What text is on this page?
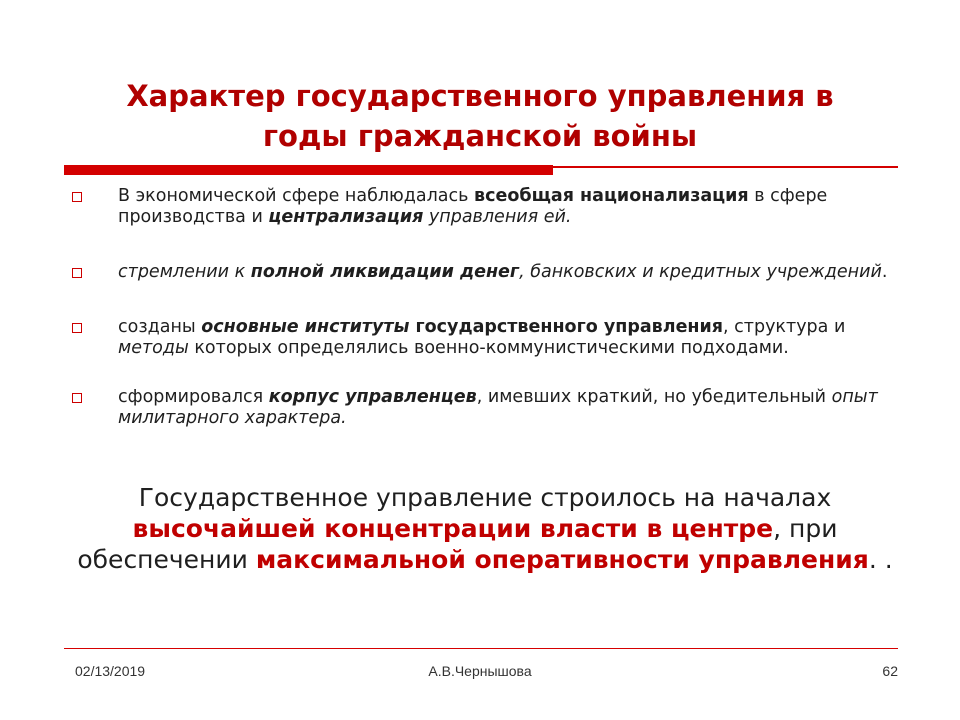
Характер государственного управления в
годы гражданской войны
В экономической сфере наблюдалась всеобщая национализация в сфере производства и централизация управления ей.
стремлении к полной ликвидации денег, банковских и кредитных учреждений.
созданы основные институты государственного управления, структура и методы которых определялись военно-коммунистическими подходами.
сформировался корпус управленцев, имевших краткий, но убедительный опыт милитарного характера.
Государственное управление строилось на началах высочайшей концентрации власти в центре, при обеспечении максимальной оперативности управления. .
02/13/2019	А.В.Чернышова	62
